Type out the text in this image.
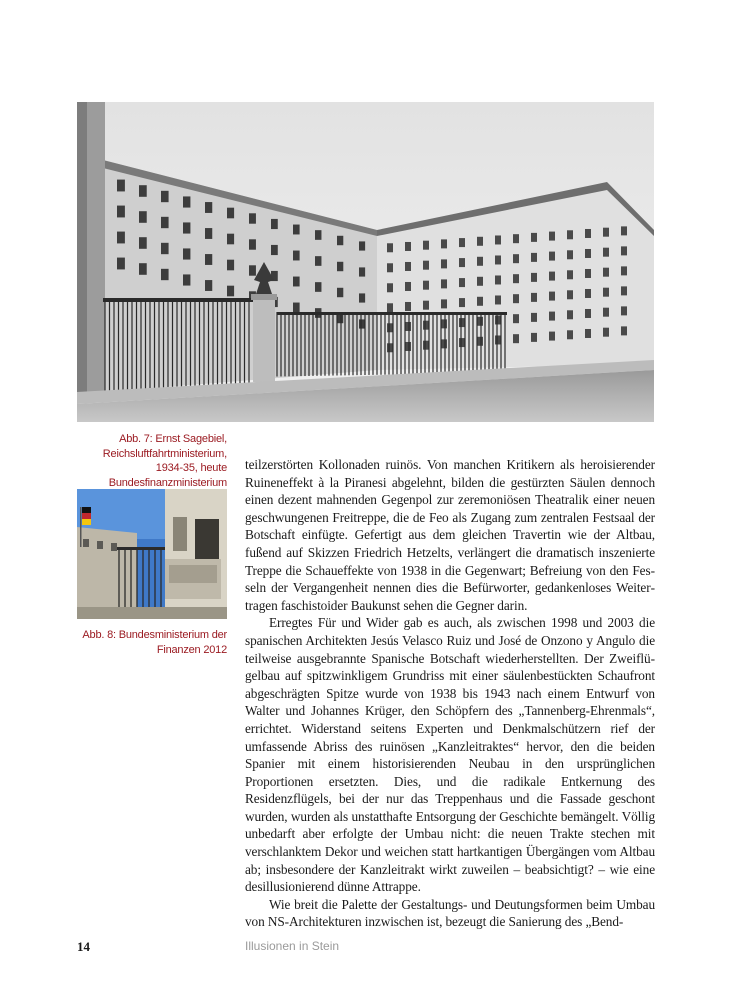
Abb. 7: Ernst Sagebiel, Reichsluftfahrtministerium, 1934-35, heute Bundesfinanzministerium
Abb. 8: Bundesministerium der Finanzen 2012

teilzerstörten Kollonaden ruinös. Von manchen Kritikern als heroisierender Ruineneffekt à la Piranesi abgelehnt, bilden die gestürzten Säulen dennoch einen dezent mahnenden Gegenpol zur zeremoniösen Theatralik einer neuen geschwungenen Freitreppe, die de Feo als Zugang zum zentralen Festsaal der Botschaft einfügte. Gefertigt aus dem gleichen Travertin wie der Altbau, fußend auf Skizzen Friedrich Hetzelts, verlängert die dramatisch inszenierte Treppe die Schaueffekte von 1938 in die Gegenwart; Befreiung von den Fesseln der Vergangenheit nennen dies die Befürworter, gedankenloses Weitertragen faschistoider Baukunst sehen die Gegner darin.

Erregtes Für und Wider gab es auch, als zwischen 1998 und 2003 die spanischen Architekten Jesús Velasco Ruiz und José de Onzono y Angulo die teilweise ausgebrannte Spanische Botschaft wiederherstellten. Der Zweiflügelbau auf spitzwinkligem Grundriss mit einer säulenbestückten Schaufront abgeschrägten Spitze wurde von 1938 bis 1943 nach einem Entwurf von Walter und Johannes Krüger, den Schöpfern des „Tannenberg-Ehrenmals“, errichtet. Widerstand seitens Experten und Denkmalschützern rief der umfassende Abriss des ruinösen „Kanzleitraktes“ hervor, den die beiden Spanier mit einem historisierenden Neubau in den ursprünglichen Proportionen ersetzten. Dies, und die radikale Entkernung des Residenzflügels, bei der nur das Treppenhaus und die Fassade geschont wurden, wurden als unstatthafte Entsorgung der Geschichte bemängelt. Völlig unbedarft aber erfolgte der Umbau nicht: die neuen Trakte stechen mit verschlanktem Dekor und weichen statt hartkantigen Übergängen vom Altbau ab; insbesondere der Kanzleitrakt wirkt zuweilen – beabsichtigt? – wie eine desillusionierend dünne Attrappe.

Wie breit die Palette der Gestaltungs- und Deutungsformen beim Umbau von NS-Architekturen inzwischen ist, bezeugt die Sanierung des „Bend-

14	Illusionen in Stein
